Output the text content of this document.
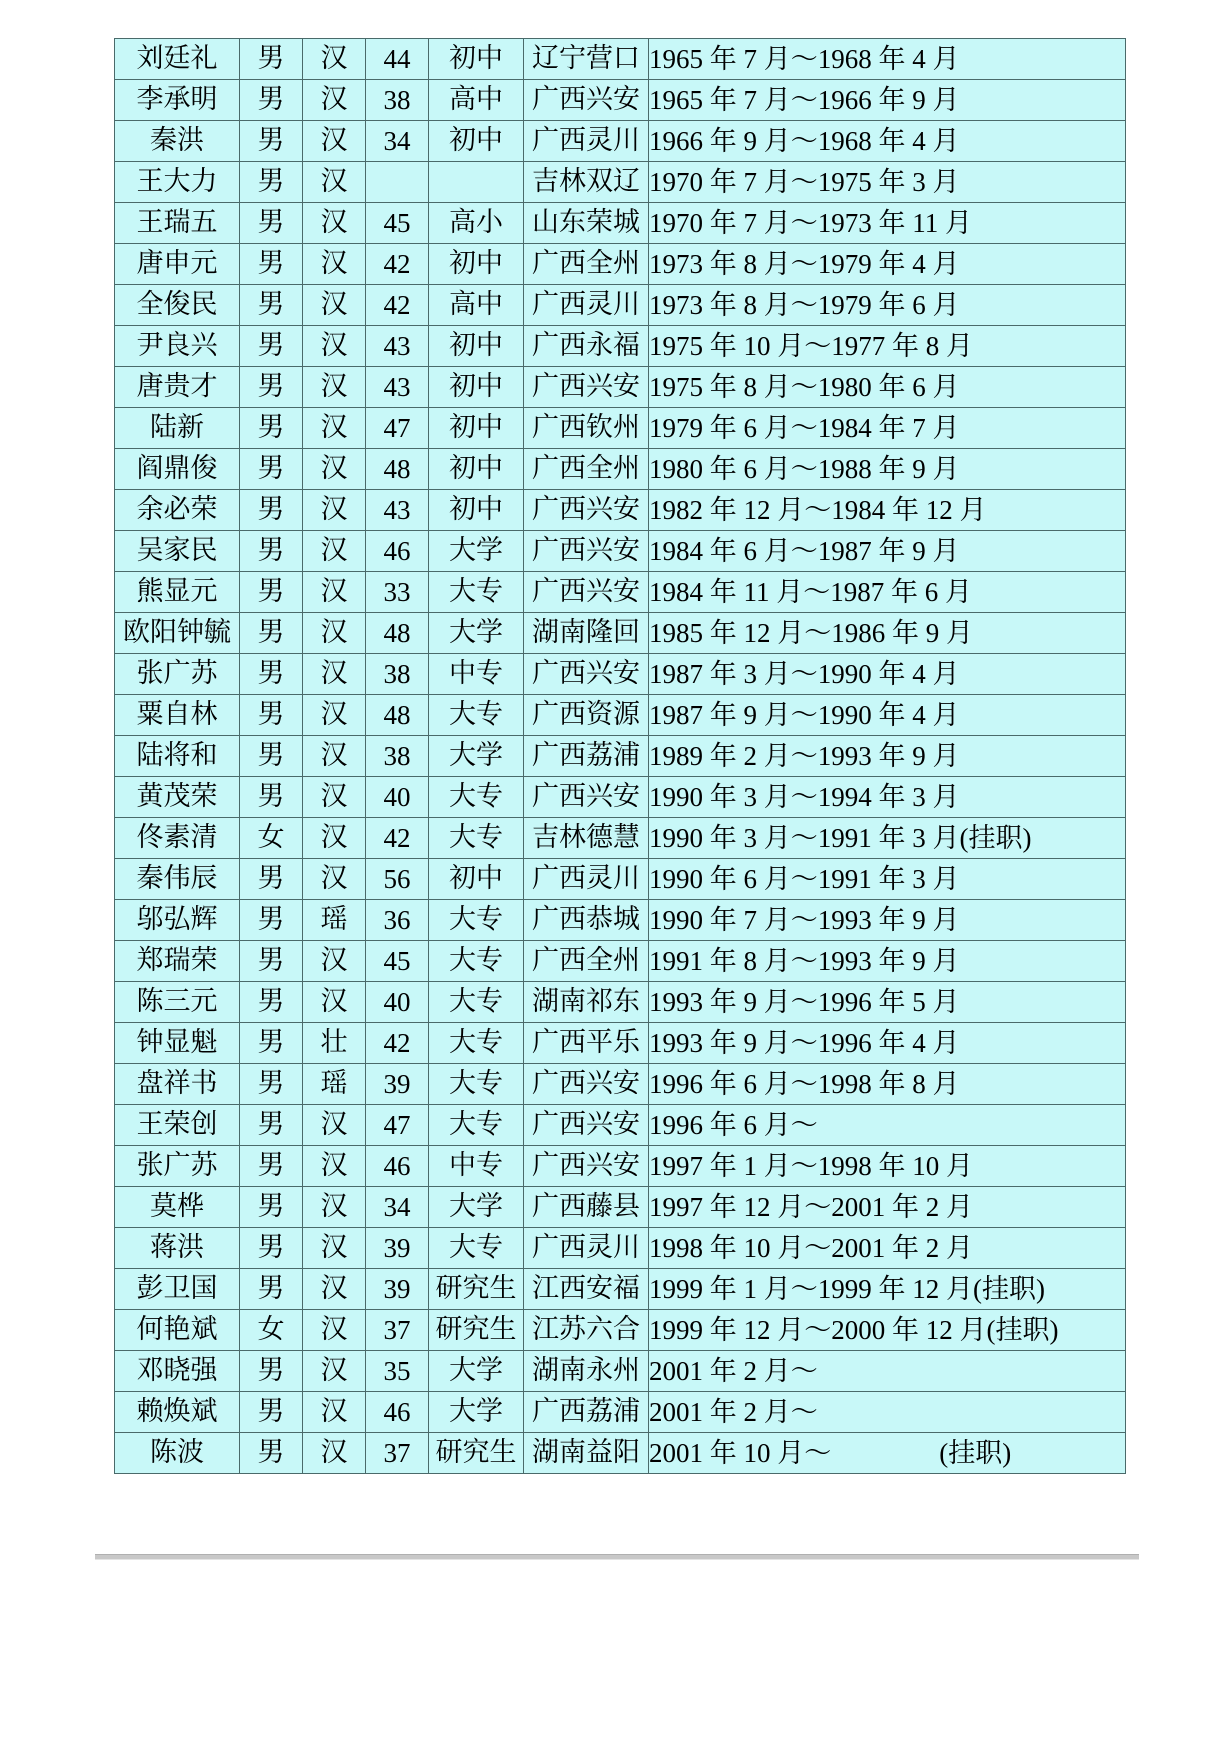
刘廷礼	男	汉	44	初中	辽宁营口	1965 年 7 月～1968 年 4 月
李承明	男	汉	38	高中	广西兴安	1965 年 7 月～1966 年 9 月
秦洪	男	汉	34	初中	广西灵川	1966 年 9 月～1968 年 4 月
王大力	男	汉			吉林双辽	1970 年 7 月～1975 年 3 月
王瑞五	男	汉	45	高小	山东荣城	1970 年 7 月～1973 年 11 月
唐申元	男	汉	42	初中	广西全州	1973 年 8 月～1979 年 4 月
全俊民	男	汉	42	高中	广西灵川	1973 年 8 月～1979 年 6 月
尹良兴	男	汉	43	初中	广西永福	1975 年 10 月～1977 年 8 月
唐贵才	男	汉	43	初中	广西兴安	1975 年 8 月～1980 年 6 月
陆新	男	汉	47	初中	广西钦州	1979 年 6 月～1984 年 7 月
阎鼎俊	男	汉	48	初中	广西全州	1980 年 6 月～1988 年 9 月
余必荣	男	汉	43	初中	广西兴安	1982 年 12 月～1984 年 12 月
吴家民	男	汉	46	大学	广西兴安	1984 年 6 月～1987 年 9 月
熊显元	男	汉	33	大专	广西兴安	1984 年 11 月～1987 年 6 月
欧阳钟毓	男	汉	48	大学	湖南隆回	1985 年 12 月～1986 年 9 月
张广苏	男	汉	38	中专	广西兴安	1987 年 3 月～1990 年 4 月
粟自林	男	汉	48	大专	广西资源	1987 年 9 月～1990 年 4 月
陆将和	男	汉	38	大学	广西荔浦	1989 年 2 月～1993 年 9 月
黄茂荣	男	汉	40	大专	广西兴安	1990 年 3 月～1994 年 3 月
佟素清	女	汉	42	大专	吉林德慧	1990 年 3 月～1991 年 3 月(挂职)
秦伟辰	男	汉	56	初中	广西灵川	1990 年 6 月～1991 年 3 月
邬弘辉	男	瑶	36	大专	广西恭城	1990 年 7 月～1993 年 9 月
郑瑞荣	男	汉	45	大专	广西全州	1991 年 8 月～1993 年 9 月
陈三元	男	汉	40	大专	湖南祁东	1993 年 9 月～1996 年 5 月
钟显魁	男	壮	42	大专	广西平乐	1993 年 9 月～1996 年 4 月
盘祥书	男	瑶	39	大专	广西兴安	1996 年 6 月～1998 年 8 月
王荣创	男	汉	47	大专	广西兴安	1996 年 6 月～
张广苏	男	汉	46	中专	广西兴安	1997 年 1 月～1998 年 10 月
莫桦	男	汉	34	大学	广西藤县	1997 年 12 月～2001 年 2 月
蒋洪	男	汉	39	大专	广西灵川	1998 年 10 月～2001 年 2 月
彭卫国	男	汉	39	研究生	江西安福	1999 年 1 月～1999 年 12 月(挂职)
何艳斌	女	汉	37	研究生	江苏六合	1999 年 12 月～2000 年 12 月(挂职)
邓晓强	男	汉	35	大学	湖南永州	2001 年 2 月～
赖焕斌	男	汉	46	大学	广西荔浦	2001 年 2 月～
陈波	男	汉	37	研究生	湖南益阳	2001 年 10 月～                (挂职)
